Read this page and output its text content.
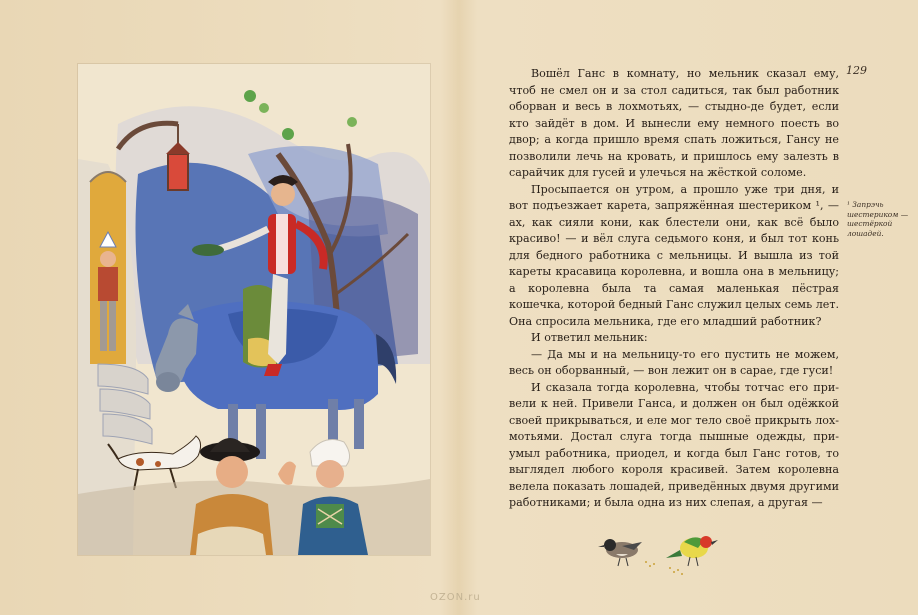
129

Вошёл Ганс в комнату, но мельник сказал ему, чтоб не смел он и за стол садиться, так был работник оборван и весь в лохмотьях, — стыдно-де будет, если кто зайдёт в дом. И вынесли ему немного поесть во двор; а когда пришло время спать ложиться, Гансу не позволили лечь на кровать, и пришлось ему залезть в сарайчик для гусей и улечься на жёсткой соломе.

Просыпается он утром, а прошло уже три дня, и вот подъезжает карета, запряжённая шестериком ¹, — ах, как сияли кони, как блестели они, как всё было красиво! — и вёл слуга седьмого коня, и был тот конь для бедного работника с мельницы. И вышла из той кареты красавица королевна, и вошла она в мельницу; а королевна была та самая маленькая пёстрая кошечка, которой бедный Ганс служил целых семь лет. Она спросила мельника, где его младший работник?

И ответил мельник:

— Да мы и на мельницу-то его пустить не можем, весь он оборванный, — вон лежит он в сарае, где гуси!

И сказала тогда королевна, чтобы тотчас его привели к ней. Привели Ганса, и должен он был одёжкой своей прикрываться, и еле мог тело своё прикрыть лохмотьями. Достал слуга тогда пышные одежды, приумыл работника, приодел, и когда был Ганс готов, то выглядел любого короля красивей. Затем королевна велела показать лошадей, приведённых двумя другими работниками; и была одна из них слепая, а другая —

¹ Запрэчь шестериком — шестёркой лошадей.
OZON.ru
